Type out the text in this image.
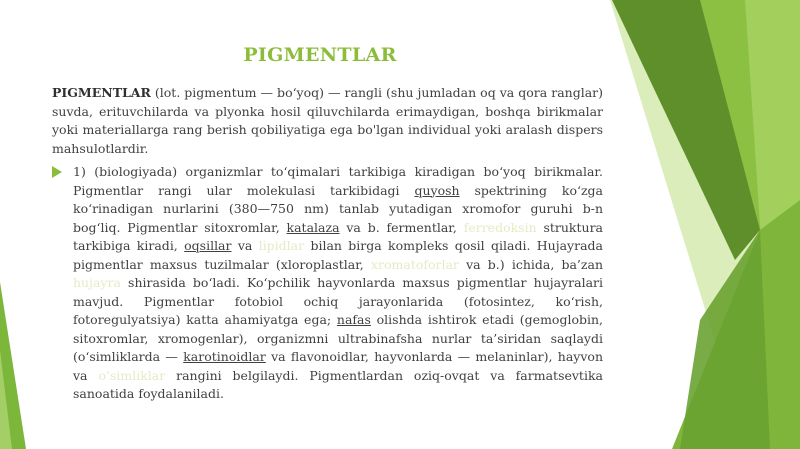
PIGMENTLAR

PIGMENTLAR (lot. pigmentum — bo‘yoq) — rangli (shu jumladan oq va qora ranglar) suvda, erituvchilarda va plyonka hosil qiluvchilarda erimaydigan, boshqa birikmalar yoki materiallarga rang berish qobiliyatiga ega bo'lgan individual yoki aralash dispers mahsulotlardir.

1) (biologiyada) organizmlar to‘qimalari tarkibiga kiradigan bo‘yoq birikmalar. Pigmentlar rangi ular molekulasi tarkibidagi quyosh spektrining ko‘zga ko‘rinadigan nurlarini (380—750 nm) tanlab yutadigan xromofor guruhi b-n bog‘liq. Pigmentlar sitoxromlar, katalaza va b. fermentlar, ferredoksin struktura tarkibiga kiradi, oqsillar va lipidlar bilan birga kompleks qosil qiladi. Hujayrada pigmentlar maxsus tuzilmalar (xloroplastlar, xromatoforlar va b.) ichida, ba’zan hujayra shirasida bo‘ladi. Ko‘pchilik hayvonlarda maxsus pigmentlar hujayralari mavjud. Pigmentlar fotobiol ochiq jarayonlarida (fotosintez, ko‘rish, fotoregulyatsiya) katta ahamiyatga ega; nafas olishda ishtirok etadi (gemoglobin, sitoxromlar, xromogenlar), organizmni ultrabinafsha nurlar ta’siridan saqlaydi (o‘simliklarda — karotinoidlar va flavonoidlar, hayvonlarda — melaninlar), hayvon va o‘simliklar rangini belgilaydi. Pigmentlardan oziq-ovqat va farmatsevtika sanoatida foydalaniladi.
